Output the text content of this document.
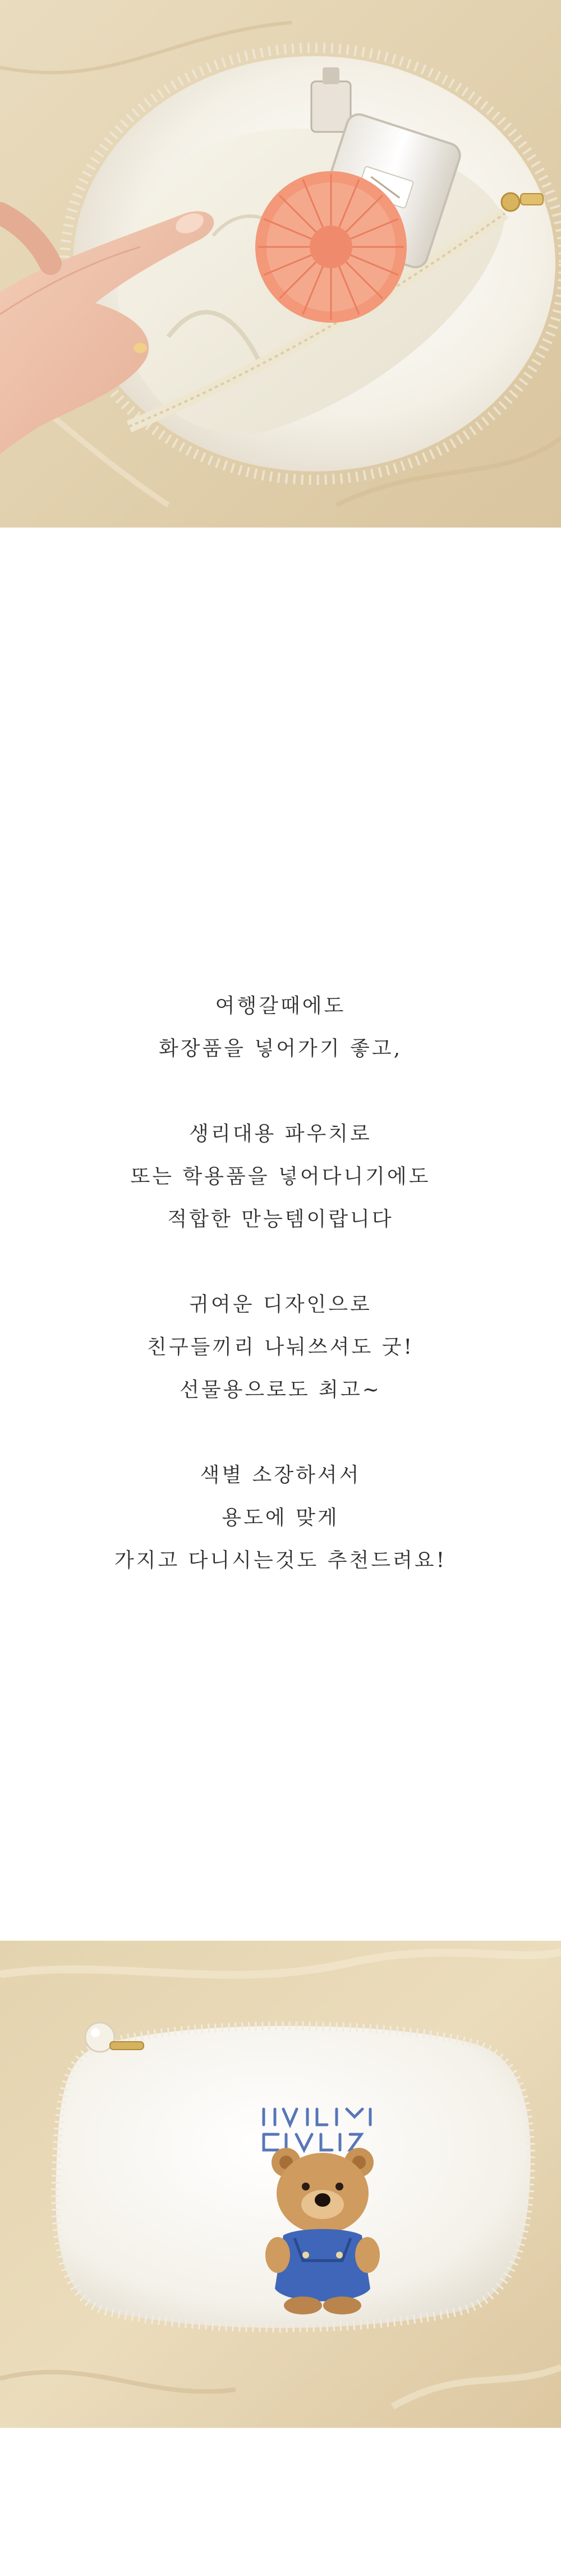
여행갈때에도
화장품을 넣어가기 좋고,
생리대용 파우치로
또는 학용품을 넣어다니기에도
적합한 만능템이랍니다
귀여운 디자인으로
친구들끼리 나눠쓰셔도 굿!
선물용으로도 최고~
색별 소장하셔서
용도에 맞게
가지고 다니시는것도 추천드려요!
